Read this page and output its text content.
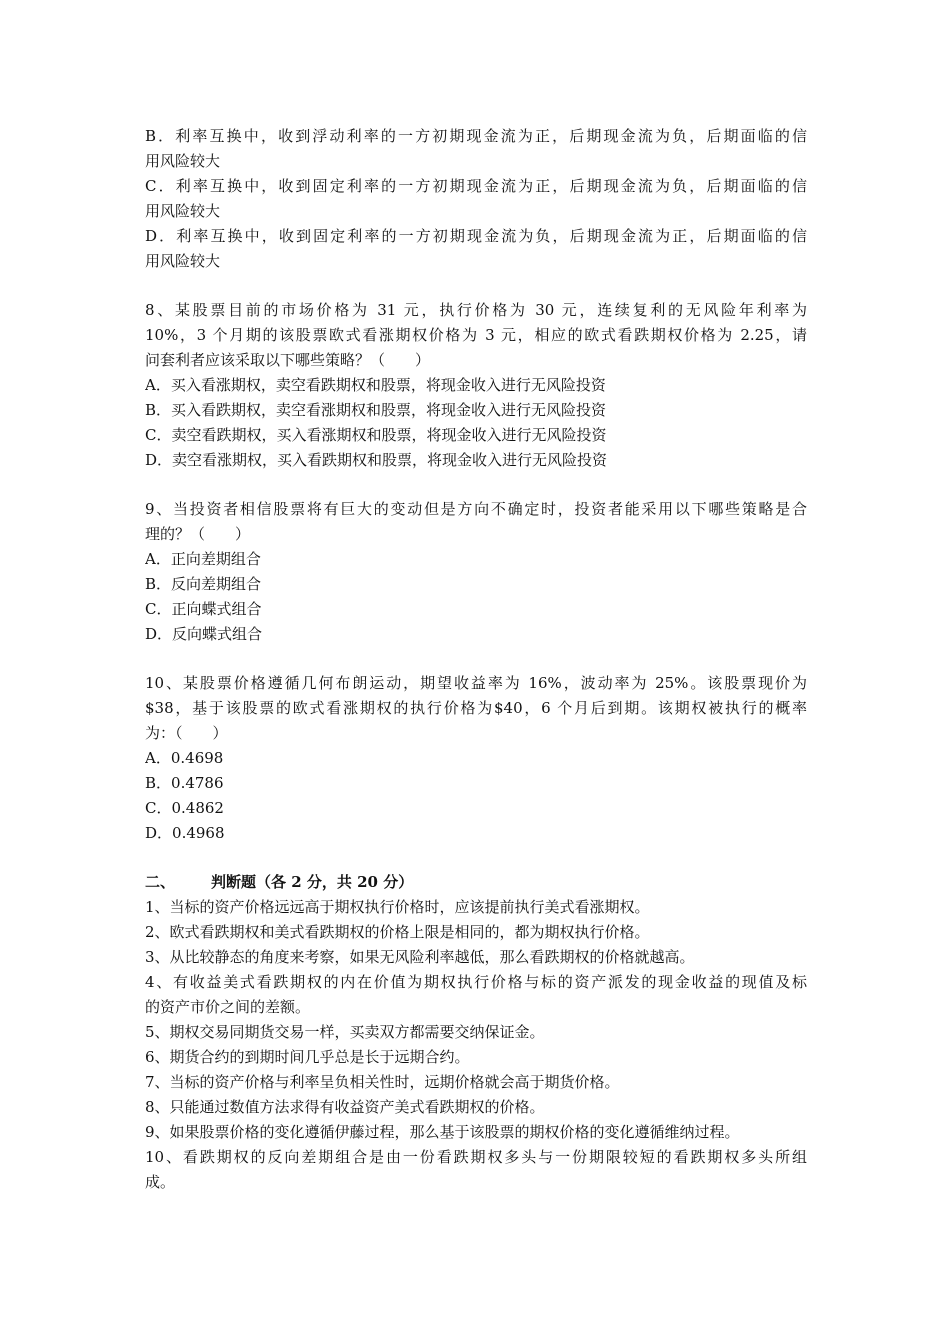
B．利率互换中，收到浮动利率的一方初期现金流为正，后期现金流为负，后期面临的信
用风险较大
C．利率互换中，收到固定利率的一方初期现金流为正，后期现金流为负，后期面临的信
用风险较大
D．利率互换中，收到固定利率的一方初期现金流为负，后期现金流为正，后期面临的信
用风险较大
8、某股票目前的市场价格为 31 元，执行价格为 30 元，连续复利的无风险年利率为
10%，3 个月期的该股票欧式看涨期权价格为 3 元，相应的欧式看跌期权价格为 2.25，请
问套利者应该采取以下哪些策略？（　　）
A．买入看涨期权，卖空看跌期权和股票，将现金收入进行无风险投资
B．买入看跌期权，卖空看涨期权和股票，将现金收入进行无风险投资
C．卖空看跌期权，买入看涨期权和股票，将现金收入进行无风险投资
D．卖空看涨期权，买入看跌期权和股票，将现金收入进行无风险投资
9、当投资者相信股票将有巨大的变动但是方向不确定时，投资者能采用以下哪些策略是合
理的？（　　）
A．正向差期组合
B．反向差期组合
C．正向蝶式组合
D．反向蝶式组合
10、某股票价格遵循几何布朗运动，期望收益率为 16%，波动率为 25%。该股票现价为
$38，基于该股票的欧式看涨期权的执行价格为$40，6 个月后到期。该期权被执行的概率
为：（　　）
A．0.4698
B．0.4786
C．0.4862
D．0.4968
二、 判断题（各 2 分，共 20 分）
1、当标的资产价格远远高于期权执行价格时，应该提前执行美式看涨期权。
2、欧式看跌期权和美式看跌期权的价格上限是相同的，都为期权执行价格。
3、从比较静态的角度来考察，如果无风险利率越低，那么看跌期权的价格就越高。
4、有收益美式看跌期权的内在价值为期权执行价格与标的资产派发的现金收益的现值及标
的资产市价之间的差额。
5、期权交易同期货交易一样，买卖双方都需要交纳保证金。
6、期货合约的到期时间几乎总是长于远期合约。
7、当标的资产价格与利率呈负相关性时，远期价格就会高于期货价格。
8、只能通过数值方法求得有收益资产美式看跌期权的价格。
9、如果股票价格的变化遵循伊藤过程，那么基于该股票的期权价格的变化遵循维纳过程。
10、看跌期权的反向差期组合是由一份看跌期权多头与一份期限较短的看跌期权多头所组
成。
